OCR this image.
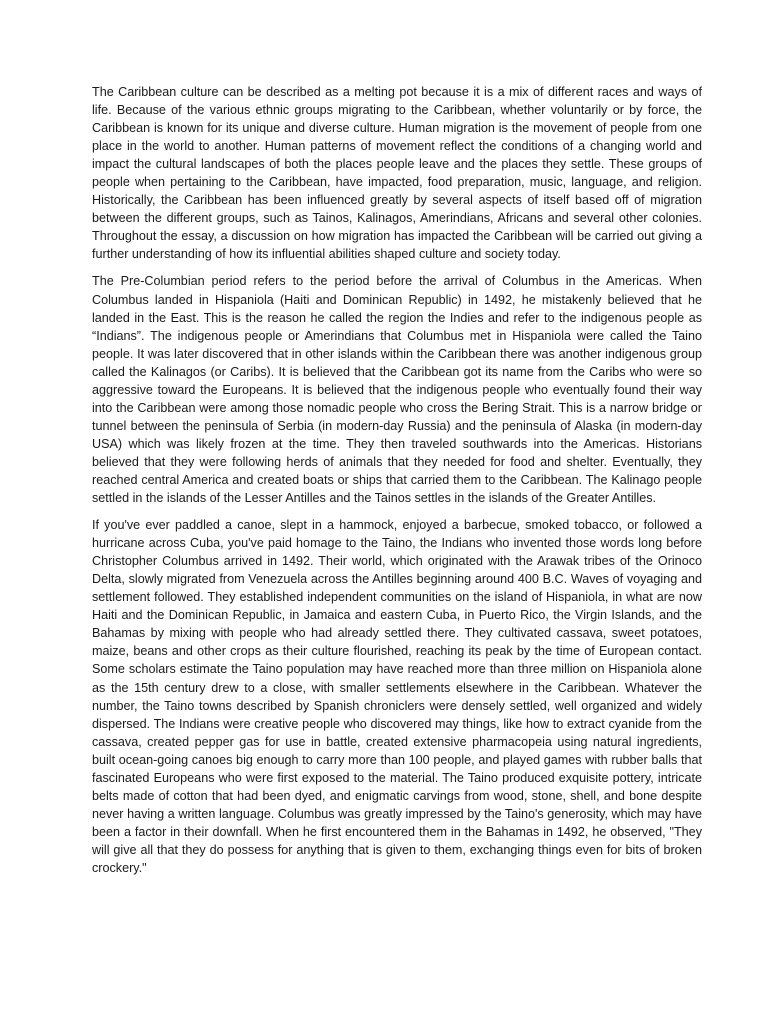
The Caribbean culture can be described as a melting pot because it is a mix of different races and ways of life. Because of the various ethnic groups migrating to the Caribbean, whether voluntarily or by force, the Caribbean is known for its unique and diverse culture. Human migration is the movement of people from one place in the world to another. Human patterns of movement reflect the conditions of a changing world and impact the cultural landscapes of both the places people leave and the places they settle. These groups of people when pertaining to the Caribbean, have impacted, food preparation, music, language, and religion. Historically, the Caribbean has been influenced greatly by several aspects of itself based off of migration between the different groups, such as Tainos, Kalinagos, Amerindians, Africans and several other colonies. Throughout the essay, a discussion on how migration has impacted the Caribbean will be carried out giving a further understanding of how its influential abilities shaped culture and society today.

The Pre-Columbian period refers to the period before the arrival of Columbus in the Americas. When Columbus landed in Hispaniola (Haiti and Dominican Republic) in 1492, he mistakenly believed that he landed in the East. This is the reason he called the region the Indies and refer to the indigenous people as “Indians”. The indigenous people or Amerindians that Columbus met in Hispaniola were called the Taino people. It was later discovered that in other islands within the Caribbean there was another indigenous group called the Kalinagos (or Caribs). It is believed that the Caribbean got its name from the Caribs who were so aggressive toward the Europeans. It is believed that the indigenous people who eventually found their way into the Caribbean were among those nomadic people who cross the Bering Strait. This is a narrow bridge or tunnel between the peninsula of Serbia (in modern-day Russia) and the peninsula of Alaska (in modern-day USA) which was likely frozen at the time. They then traveled southwards into the Americas. Historians believed that they were following herds of animals that they needed for food and shelter. Eventually, they reached central America and created boats or ships that carried them to the Caribbean. The Kalinago people settled in the islands of the Lesser Antilles and the Tainos settles in the islands of the Greater Antilles.

If you've ever paddled a canoe, slept in a hammock, enjoyed a barbecue, smoked tobacco, or followed a hurricane across Cuba, you've paid homage to the Taino, the Indians who invented those words long before Christopher Columbus arrived in 1492. Their world, which originated with the Arawak tribes of the Orinoco Delta, slowly migrated from Venezuela across the Antilles beginning around 400 B.C. Waves of voyaging and settlement followed. They established independent communities on the island of Hispaniola, in what are now Haiti and the Dominican Republic, in Jamaica and eastern Cuba, in Puerto Rico, the Virgin Islands, and the Bahamas by mixing with people who had already settled there. They cultivated cassava, sweet potatoes, maize, beans and other crops as their culture flourished, reaching its peak by the time of European contact. Some scholars estimate the Taino population may have reached more than three million on Hispaniola alone as the 15th century drew to a close, with smaller settlements elsewhere in the Caribbean. Whatever the number, the Taino towns described by Spanish chroniclers were densely settled, well organized and widely dispersed. The Indians were creative people who discovered may things, like how to extract cyanide from the cassava, created pepper gas for use in battle, created extensive pharmacopeia using natural ingredients, built ocean-going canoes big enough to carry more than 100 people, and played games with rubber balls that fascinated Europeans who were first exposed to the material. The Taino produced exquisite pottery, intricate belts made of cotton that had been dyed, and enigmatic carvings from wood, stone, shell, and bone despite never having a written language. Columbus was greatly impressed by the Taino's generosity, which may have been a factor in their downfall. When he first encountered them in the Bahamas in 1492, he observed, "They will give all that they do possess for anything that is given to them, exchanging things even for bits of broken crockery."
